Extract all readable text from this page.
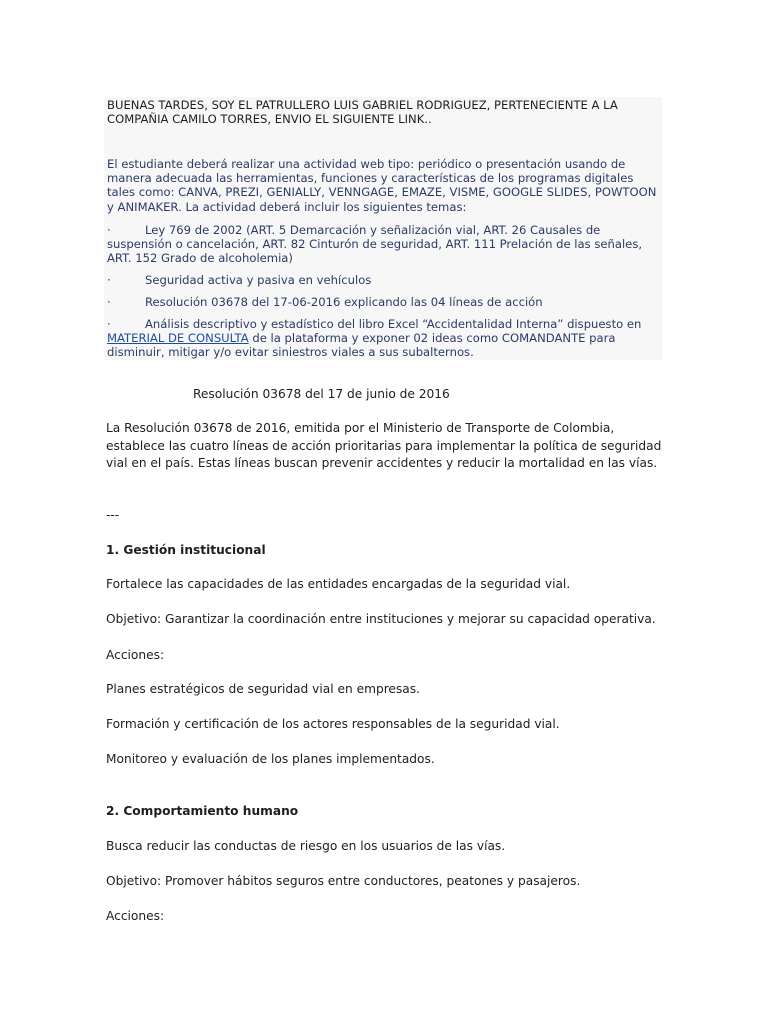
BUENAS TARDES, SOY EL PATRULLERO LUIS GABRIEL RODRIGUEZ, PERTENECIENTE A LA COMPAÑIA CAMILO TORRES, ENVIO EL SIGUIENTE LINK..
El estudiante deberá realizar una actividad web tipo: periódico o presentación usando de manera adecuada las herramientas, funciones y características de los programas digitales tales como: CANVA, PREZI, GENIALLY, VENNGAGE, EMAZE, VISME, GOOGLE SLIDES, POWTOON y ANIMAKER. La actividad deberá incluir los siguientes temas:
·	Ley 769 de 2002 (ART. 5 Demarcación y señalización vial, ART. 26 Causales de suspensión o cancelación, ART. 82 Cinturón de seguridad, ART. 111 Prelación de las señales, ART. 152 Grado de alcoholemia)
·	Seguridad activa y pasiva en vehículos
·	Resolución 03678 del 17-06-2016 explicando las 04 líneas de acción
·	Análisis descriptivo y estadístico del libro Excel “Accidentalidad Interna” dispuesto en MATERIAL DE CONSULTA de la plataforma y exponer 02 ideas como COMANDANTE para disminuir, mitigar y/o evitar siniestros viales a sus subalternos.
Resolución 03678 del 17 de junio de 2016
La Resolución 03678 de 2016, emitida por el Ministerio de Transporte de Colombia, establece las cuatro líneas de acción prioritarias para implementar la política de seguridad vial en el país. Estas líneas buscan prevenir accidentes y reducir la mortalidad en las vías.
---
1. Gestión institucional
Fortalece las capacidades de las entidades encargadas de la seguridad vial.
Objetivo: Garantizar la coordinación entre instituciones y mejorar su capacidad operativa.
Acciones:
Planes estratégicos de seguridad vial en empresas.
Formación y certificación de los actores responsables de la seguridad vial.
Monitoreo y evaluación de los planes implementados.
2. Comportamiento humano
Busca reducir las conductas de riesgo en los usuarios de las vías.
Objetivo: Promover hábitos seguros entre conductores, peatones y pasajeros.
Acciones:
